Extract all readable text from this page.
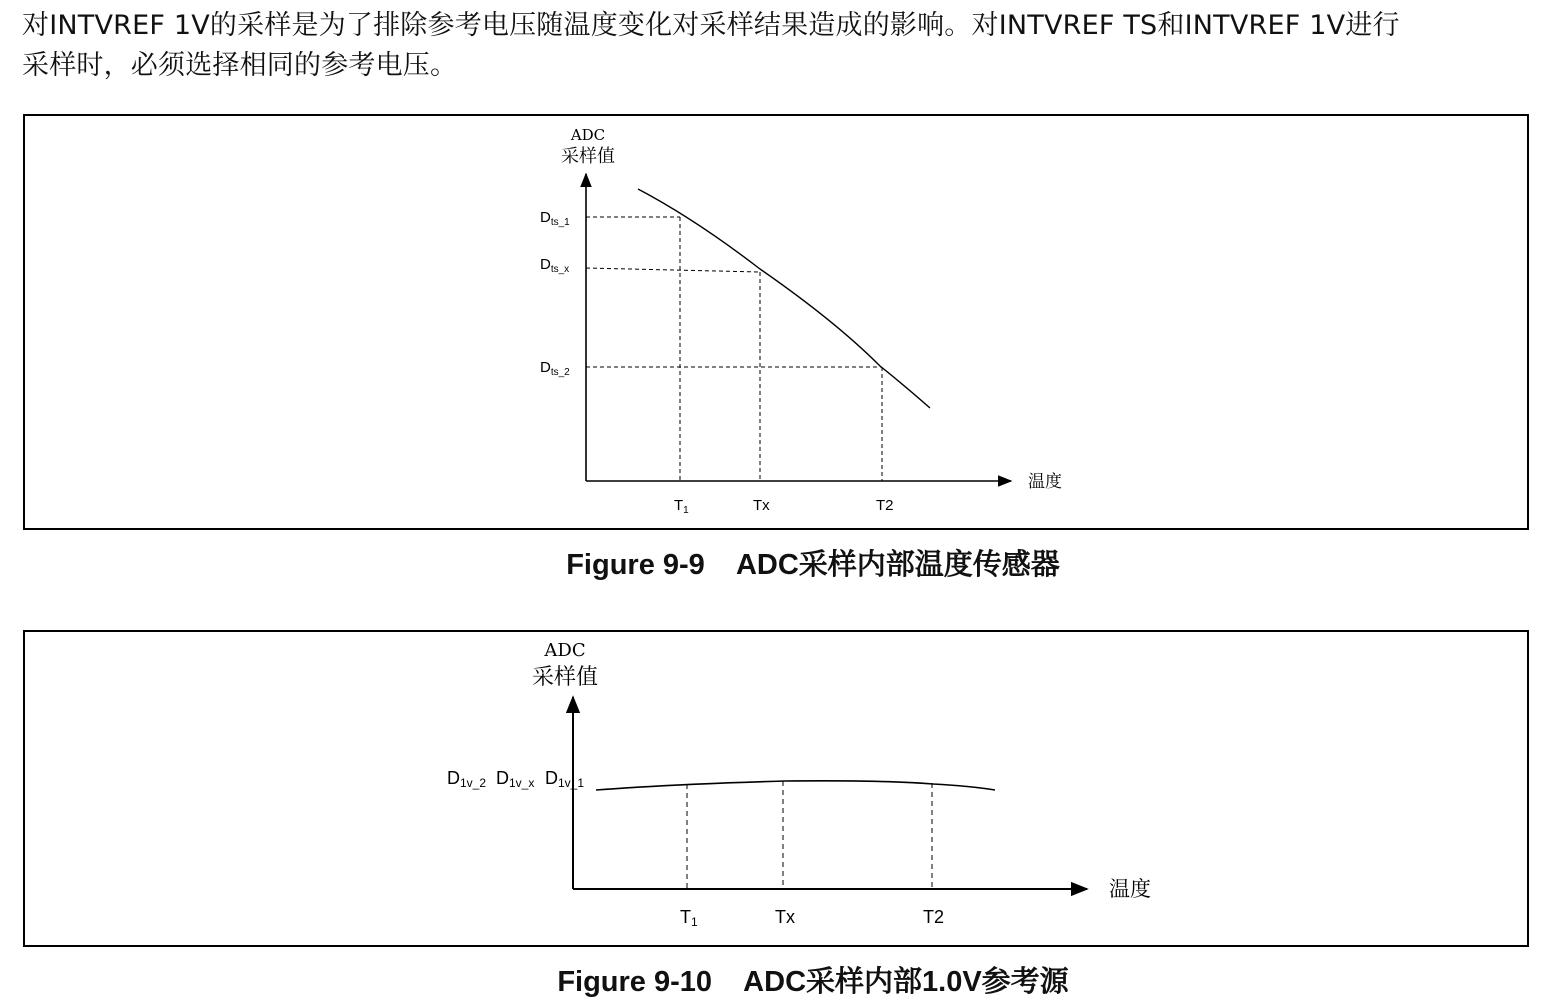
对INTVREF 1V的采样是为了排除参考电压随温度变化对采样结果造成的影响。对INTVREF TS和INTVREF 1V进行
采样时，必须选择相同的参考电压。
ADC
采样值
$D_{ts\_1}$
$D_{ts\_x}$
$D_{ts\_2}$
$T_1$	Tx	T2
温度
Figure 9-9    ADC采样内部温度传感器
ADC
采样值
D1v_2 D1v_x D1v_1
T1	Tx	T2
温度
Figure 9-10    ADC采样内部1.0V参考源
